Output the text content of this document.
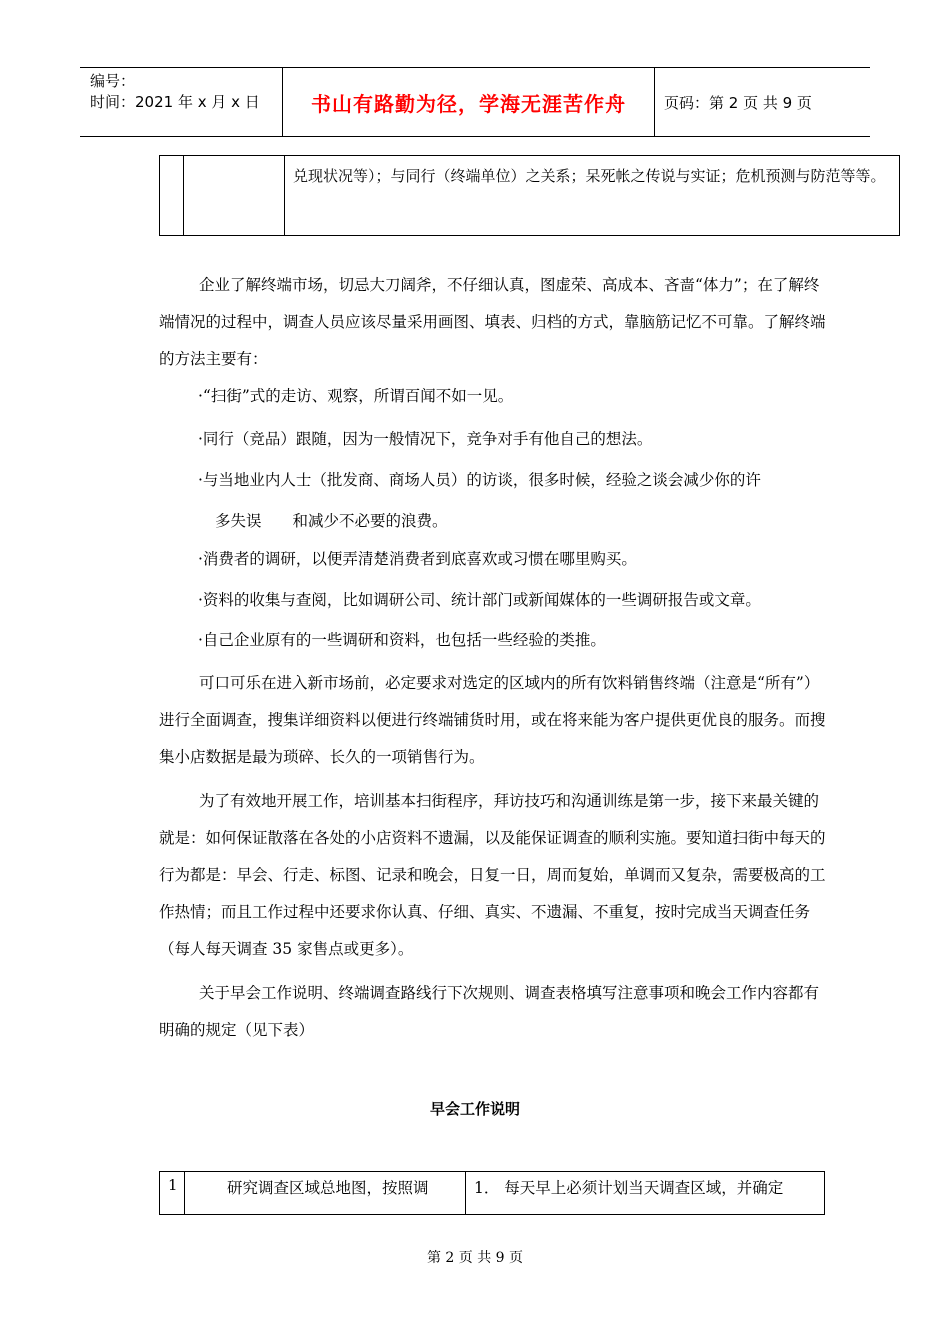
编号：
时间：2021 年 x 月 x 日	书山有路勤为径，学海无涯苦作舟	页码：第 2 页 共 9 页
兑现状况等）；与同行（终端单位）之关系；呆死帐之传说与实证；危机预测与防范等等。

企业了解终端市场，切忌大刀阔斧，不仔细认真，图虚荣、高成本、吝啬“体力”；在了解终端情况的过程中，调查人员应该尽量采用画图、填表、归档的方式，靠脑筋记忆不可靠。了解终端的方法主要有：

·“扫街”式的走访、观察，所谓百闻不如一见。

·同行（竞品）跟随，因为一般情况下，竞争对手有他自己的想法。

·与当地业内人士（批发商、商场人员）的访谈，很多时候，经验之谈会减少你的许

多失误　　和减少不必要的浪费。

·消费者的调研，以便弄清楚消费者到底喜欢或习惯在哪里购买。

·资料的收集与查阅，比如调研公司、统计部门或新闻媒体的一些调研报告或文章。

·自己企业原有的一些调研和资料，也包括一些经验的类推。

可口可乐在进入新市场前，必定要求对选定的区域内的所有饮料销售终端（注意是“所有”）进行全面调查，搜集详细资料以便进行终端铺货时用，或在将来能为客户提供更优良的服务。而搜集小店数据是最为琐碎、长久的一项销售行为。

为了有效地开展工作，培训基本扫街程序，拜访技巧和沟通训练是第一步，接下来最关键的就是：如何保证散落在各处的小店资料不遗漏，以及能保证调查的顺利实施。要知道扫街中每天的行为都是：早会、行走、标图、记录和晚会，日复一日，周而复始，单调而又复杂，需要极高的工作热情；而且工作过程中还要求你认真、仔细、真实、不遗漏、不重复，按时完成当天调查任务（每人每天调查 35 家售点或更多）。

关于早会工作说明、终端调查路线行下次规则、调查表格填写注意事项和晚会工作内容都有明确的规定（见下表）

早会工作说明
1	研究调查区域总地图，按照调	1． 每天早上必须计划当天调查区域，并确定
第 2 页 共 9 页
